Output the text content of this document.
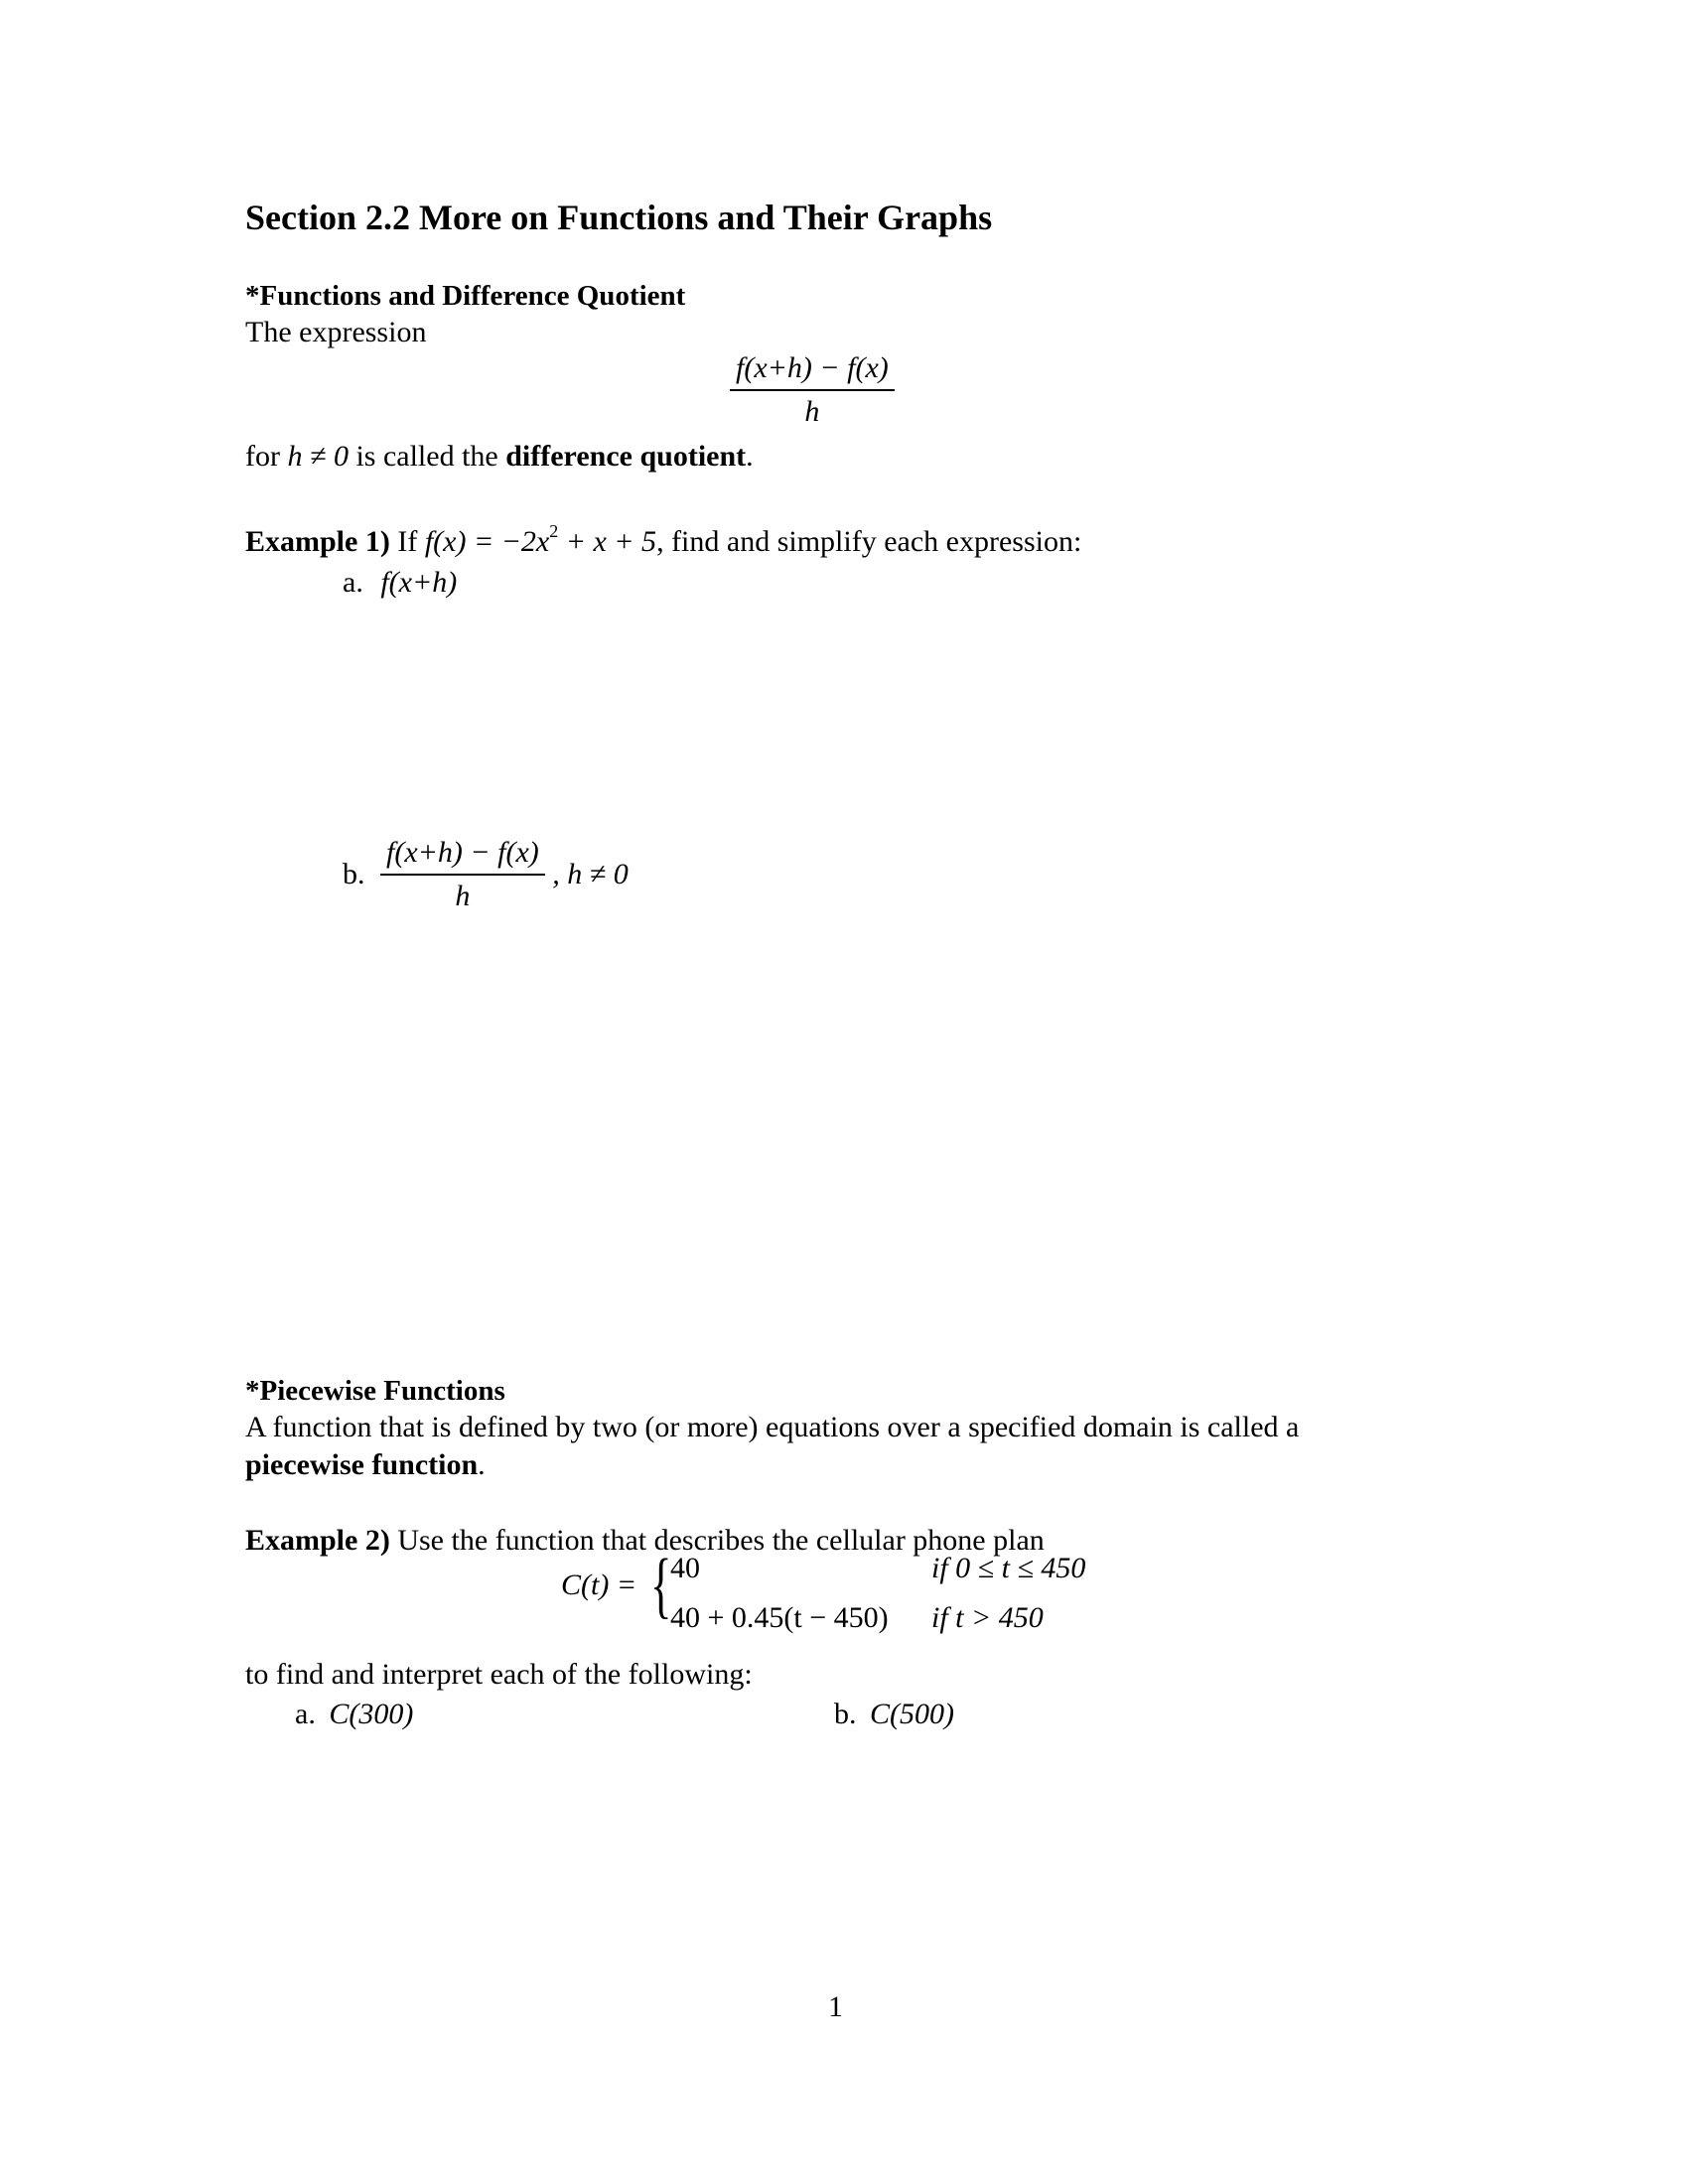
Section 2.2 More on Functions and Their Graphs
*Functions and Difference Quotient
The expression
$\frac{f(x+h) - f(x)}{h}$
for h ≠ 0 is called the difference quotient.
Example 1) If $f(x) = -2x^2 + x + 5$, find and simplify each expression:
a. f(x+h)
b. $\frac{f(x+h) - f(x)}{h}$ , h ≠ 0
*Piecewise Functions
A function that is defined by two (or more) equations over a specified domain is called a
piecewise function.
Example 2) Use the function that describes the cellular phone plan
C(t) = {
40	if 0 ≤ t ≤ 450
40 + 0.45(t − 450) if t > 450
to find and interpret each of the following:
a. C(300)	b. C(500)
1
